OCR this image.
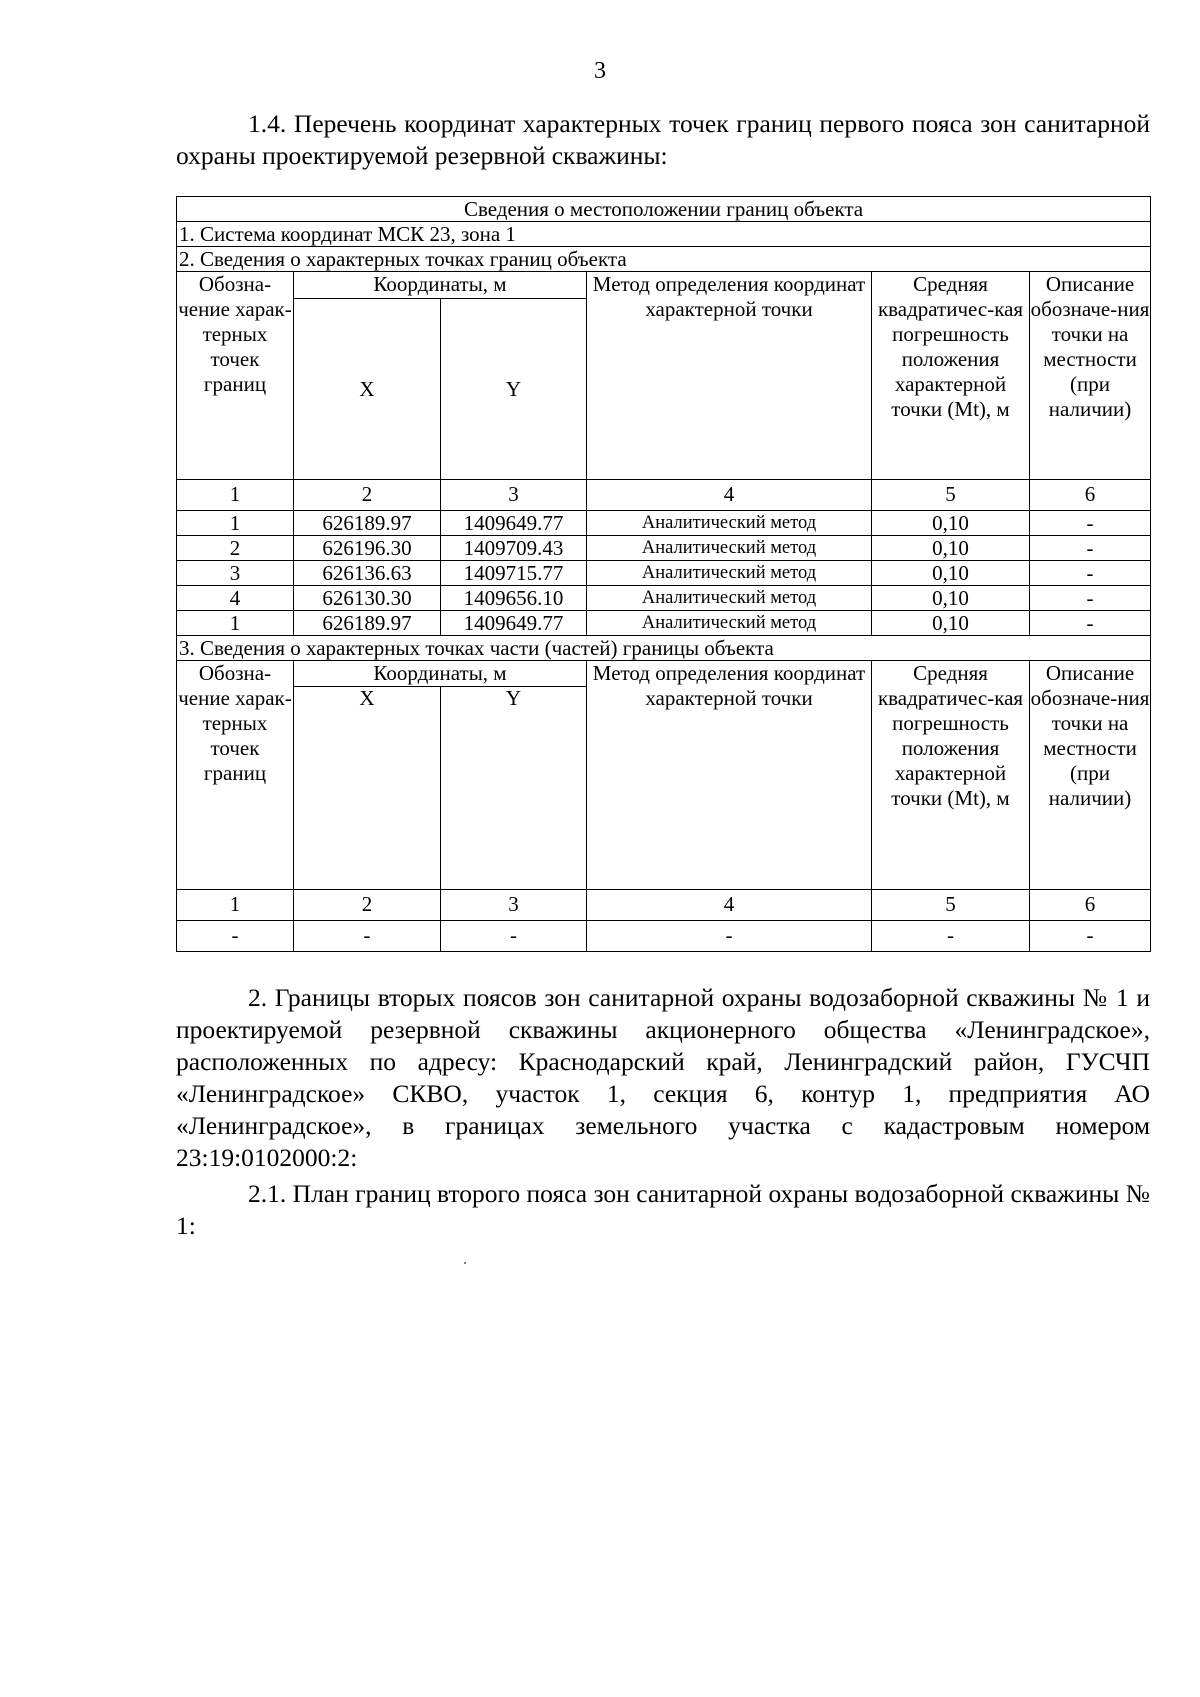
3
1.4. Перечень координат характерных точек границ первого пояса зон санитарной охраны проектируемой резервной скважины:
Сведения о местоположении границ объекта					
1. Система координат МСК 23, зона 1					
2. Сведения о характерных точках границ объекта					
Обозна-чение харак-терных точек границ	Координаты, м		Метод определения координат характерной точки	Средняя квадратичес-кая погрешность положения характерной точки (Mt), м	Описание обозначе-ния точки на местности (при наличии)
	X	Y			
1	2	3	4	5	6
1	626189.97	1409649.77	Аналитический метод	0,10	-
2	626196.30	1409709.43	Аналитический метод	0,10	-
3	626136.63	1409715.77	Аналитический метод	0,10	-
4	626130.30	1409656.10	Аналитический метод	0,10	-
1	626189.97	1409649.77	Аналитический метод	0,10	-
3. Сведения о характерных точках части (частей) границы объекта					
Обозна-чение харак-терных точек границ	Координаты, м		Метод определения координат характерной точки	Средняя квадратичес-кая погрешность положения характерной точки (Mt), м	Описание обозначе-ния точки на местности (при наличии)
	X	Y			

1	2	3	4	5	6
-	-	-	-	-	-
2. Границы вторых поясов зон санитарной охраны водозаборной скважины № 1 и проектируемой резервной скважины акционерного общества «Ленинградское», расположенных по адресу: Краснодарский край, Ленинградский район, ГУСЧП «Ленинградское» СКВО, участок 1, секция 6, контур 1, предприятия АО «Ленинградское», в границах земельного участка с кадастровым номером 23:19:0102000:2:
2.1. План границ второго пояса зон санитарной охраны водозаборной скважины № 1:
